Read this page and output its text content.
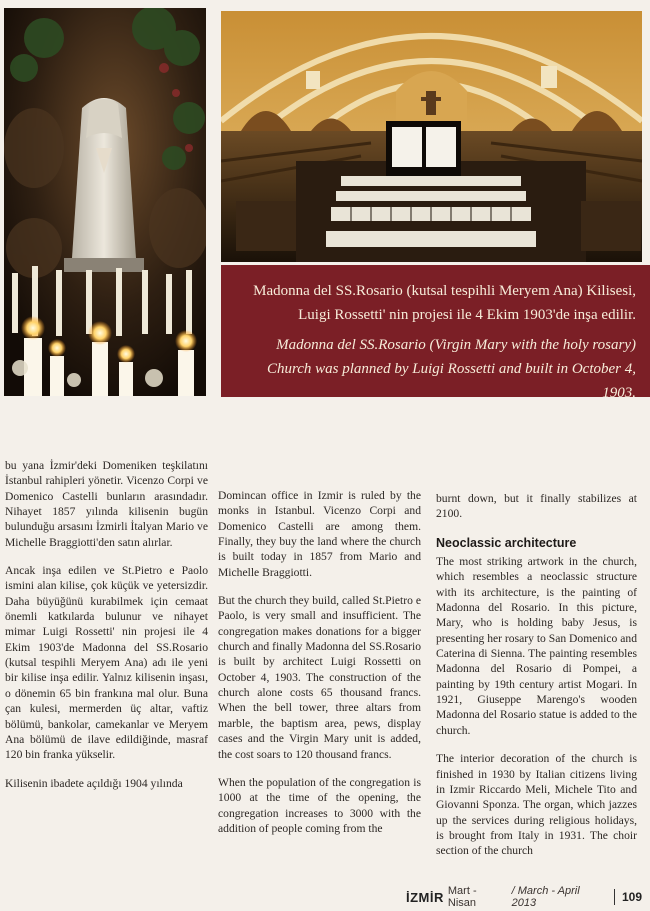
Madonna del SS.Rosario (kutsal tespihli Meryem Ana) Kilisesi,

Luigi Rossetti' nin projesi ile 4 Ekim 1903'de inşa edilir.

Madonna del SS.Rosario (Virgin Mary with the holy rosary)

Church was planned by Luigi Rossetti and built in October 4, 1903.

bu yana İzmir'deki Domeniken teşkilatını İstanbul rahipleri yönetir. Vicenzo Corpi ve Domenico Castelli bunların arasındadır. Nihayet 1857 yılında kilisenin bugün bulunduğu arsasını İzmirli İtalyan Mario ve Michelle Braggiotti'den satın alırlar.

Ancak inşa edilen ve St.Pietro e Paolo ismini alan kilise, çok küçük ve yetersizdir. Daha büyüğünü kurabilmek için cemaat önemli katkılarda bulunur ve nihayet mimar Luigi Rossetti' nin projesi ile 4 Ekim 1903'de Madonna del SS.Rosario (kutsal tespihli Meryem Ana) adı ile yeni bir kilise inşa edilir. Yalnız kilisenin inşası, o dönemin 65 bin frankına mal olur. Buna çan kulesi, mermerden üç altar, vaftiz bölümü, bankolar, camekanlar ve Meryem Ana bölümü de ilave edildiğinde, masraf 120 bin franka yükselir.

Kilisenin ibadete açıldığı 1904 yılında

Domincan office in Izmir is ruled by the monks in Istanbul. Vicenzo Corpi and Domenico Castelli are among them. Finally, they buy the land where the church is built today in 1857 from Mario and Michelle Braggiotti.

But the church they build, called St.Pietro e Paolo, is very small and insufficient. The congregation makes donations for a bigger church and finally Madonna del SS.Rosario is built by architect Luigi Rossetti on October 4, 1903. The construction of the church alone costs 65 thousand francs. When the bell tower, three altars from marble, the baptism area, pews, display cases and the Virgin Mary unit is added, the cost soars to 120 thousand francs.

When the population of the congregation is 1000 at the time of the opening, the congregation increases to 3000 with the addition of people coming from the

burnt down, but it finally stabilizes at 2100.

Neoclassic architecture

The most striking artwork in the church, which resembles a neoclassic structure with its architecture, is the painting of Madonna del Rosario. In this picture, Mary, who is holding baby Jesus, is presenting her rosary to San Domenico and Caterina di Sienna. The painting resembles Madonna del Rosario di Pompei, a painting by 19th century artist Mogari. In 1921, Giuseppe Marengo's wooden Madonna del Rosario statue is added to the church.

The interior decoration of the church is finished in 1930 by Italian citizens living in Izmir Riccardo Meli, Michele Tito and Giovanni Sponza. The organ, which jazzes up the services during religious holidays, is brought from Italy in 1931. The choir section of the church

İZMİR Mart - Nisan
/ March - April 2013	109
